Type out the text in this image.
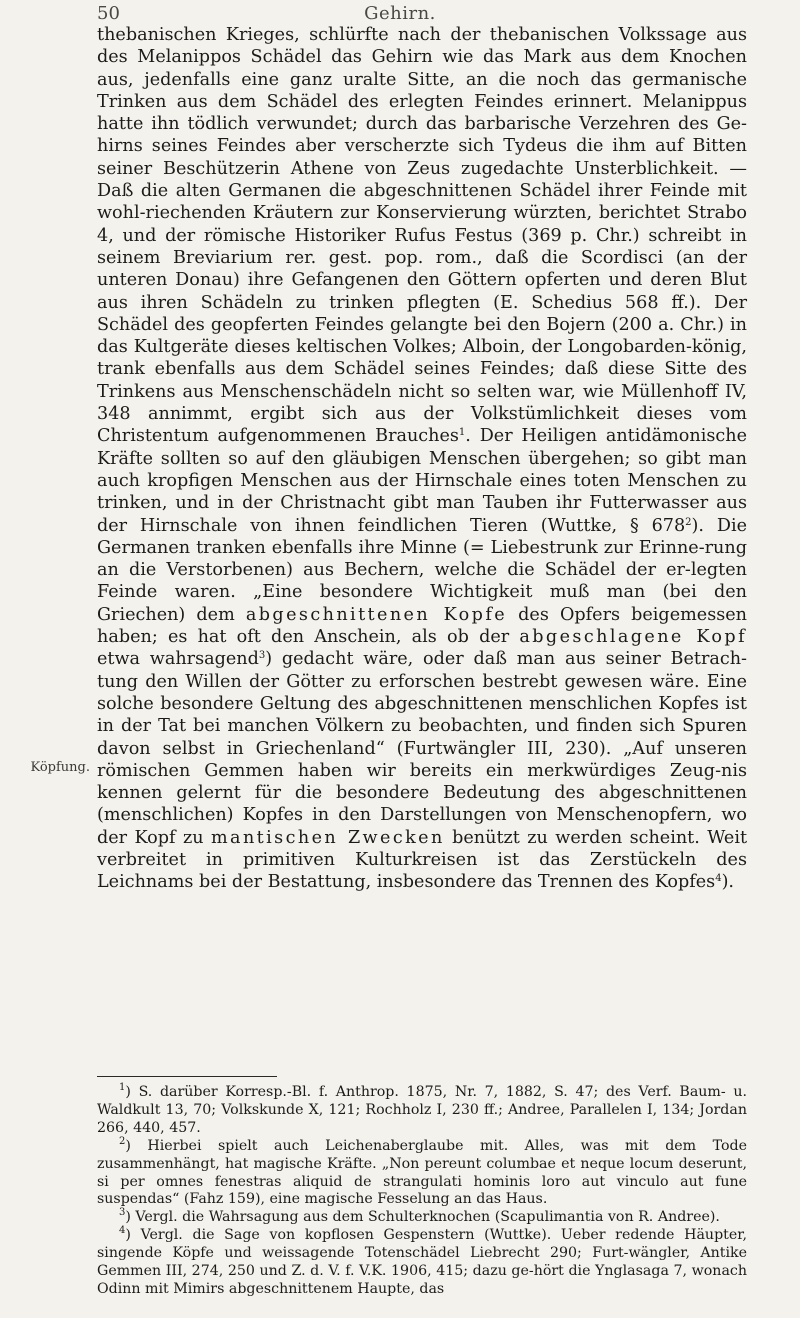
50	Gehirn.
Köpfung.

thebanischen Krieges, schlürfte nach der thebanischen Volkssage aus des Melanippos Schädel das Gehirn wie das Mark aus dem Knochen aus, jedenfalls eine ganz uralte Sitte, an die noch das germanische Trinken aus dem Schädel des erlegten Feindes erinnert. Melanippus hatte ihn tödlich verwundet; durch das barbarische Verzehren des Ge-hirns seines Feindes aber verscherzte sich Tydeus die ihm auf Bitten seiner Beschützerin Athene von Zeus zugedachte Unsterblichkeit. — Daß die alten Germanen die abgeschnittenen Schädel ihrer Feinde mit wohl-riechenden Kräutern zur Konservierung würzten, berichtet Strabo 4, und der römische Historiker Rufus Festus (369 p. Chr.) schreibt in seinem Breviarium rer. gest. pop. rom., daß die Scordisci (an der unteren Donau) ihre Gefangenen den Göttern opferten und deren Blut aus ihren Schädeln zu trinken pflegten (E. Schedius 568 ff.). Der Schädel des geopferten Feindes gelangte bei den Bojern (200 a. Chr.) in das Kultgeräte dieses keltischen Volkes; Alboin, der Longobarden-könig, trank ebenfalls aus dem Schädel seines Feindes; daß diese Sitte des Trinkens aus Menschenschädeln nicht so selten war, wie Müllenhoff IV, 348 annimmt, ergibt sich aus der Volkstümlichkeit dieses vom Christentum aufgenommenen Brauches$^1$. Der Heiligen antidämonische Kräfte sollten so auf den gläubigen Menschen übergehen; so gibt man auch kropfigen Menschen aus der Hirnschale eines toten Menschen zu trinken, und in der Christnacht gibt man Tauben ihr Futterwasser aus der Hirnschale von ihnen feindlichen Tieren (Wuttke, § $678^2$). Die Germanen tranken ebenfalls ihre Minne (= Liebestrunk zur Erinne-rung an die Verstorbenen) aus Bechern, welche die Schädel der er-legten Feinde waren. „Eine besondere Wichtigkeit muß man (bei den Griechen) dem abgeschnittenen Kopfe des Opfers beigemessen haben; es hat oft den Anschein, als ob der abgeschlagene Kopf etwa wahrsagend$^3$) gedacht wäre, oder daß man aus seiner Betrach-tung den Willen der Götter zu erforschen bestrebt gewesen wäre. Eine solche besondere Geltung des abgeschnittenen menschlichen Kopfes ist in der Tat bei manchen Völkern zu beobachten, und finden sich Spuren davon selbst in Griechenland“ (Furtwängler III, 230). „Auf unseren römischen Gemmen haben wir bereits ein merkwürdiges Zeug-nis kennen gelernt für die besondere Bedeutung des abgeschnittenen (menschlichen) Kopfes in den Darstellungen von Menschenopfern, wo der Kopf zu mantischen Zwecken benützt zu werden scheint. Weit verbreitet in primitiven Kulturkreisen ist das Zerstückeln des Leichnams bei der Bestattung, insbesondere das Trennen des Kopfes$^4$).

$^1$) S. darüber Korresp.-Bl. f. Anthrop. 1875, Nr. 7, 1882, S. 47; des Verf. Baum- u. Waldkult 13, 70; Volkskunde X, 121; Rochholz I, 230 ff.; Andree, Parallelen I, 134; Jordan 266, 440, 457.

$^2$) Hierbei spielt auch Leichenaberglaube mit. Alles, was mit dem Tode zusammenhängt, hat magische Kräfte. „Non pereunt columbae et neque locum deserunt, si per omnes fenestras aliquid de strangulati hominis loro aut vinculo aut fune suspendas“ (Fahz 159), eine magische Fesselung an das Haus.

$^3$) Vergl. die Wahrsagung aus dem Schulterknochen (Scapulimantia von R. Andree).

$^4$) Vergl. die Sage von kopflosen Gespenstern (Wuttke). Ueber redende Häupter, singende Köpfe und weissagende Totenschädel Liebrecht 290; Furt-wängler, Antike Gemmen III, 274, 250 und Z. d. V. f. V.K. 1906, 415; dazu ge-hört die Ynglasaga 7, wonach Odinn mit Mimirs abgeschnittenem Haupte, das
